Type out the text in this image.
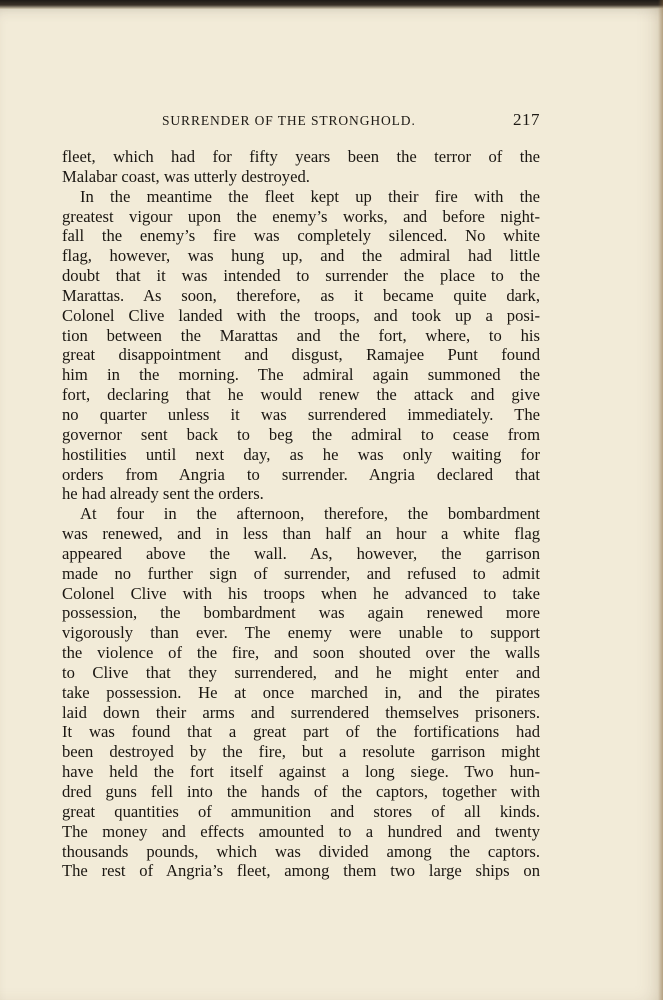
SURRENDER OF THE STRONGHOLD.	217

fleet, which had for fifty years been the terror of the
Malabar coast, was utterly destroyed.

In the meantime the fleet kept up their fire with the
greatest vigour upon the enemy’s works, and before night-
fall the enemy’s fire was completely silenced. No white
flag, however, was hung up, and the admiral had little
doubt that it was intended to surrender the place to the
Marattas. As soon, therefore, as it became quite dark,
Colonel Clive landed with the troops, and took up a posi-
tion between the Marattas and the fort, where, to his
great disappointment and disgust, Ramajee Punt found
him in the morning. The admiral again summoned the
fort, declaring that he would renew the attack and give
no quarter unless it was surrendered immediately. The
governor sent back to beg the admiral to cease from
hostilities until next day, as he was only waiting for
orders from Angria to surrender. Angria declared that
he had already sent the orders.

At four in the afternoon, therefore, the bombardment
was renewed, and in less than half an hour a white flag
appeared above the wall. As, however, the garrison
made no further sign of surrender, and refused to admit
Colonel Clive with his troops when he advanced to take
possession, the bombardment was again renewed more
vigorously than ever. The enemy were unable to support
the violence of the fire, and soon shouted over the walls
to Clive that they surrendered, and he might enter and
take possession. He at once marched in, and the pirates
laid down their arms and surrendered themselves prisoners.
It was found that a great part of the fortifications had
been destroyed by the fire, but a resolute garrison might
have held the fort itself against a long siege. Two hun-
dred guns fell into the hands of the captors, together with
great quantities of ammunition and stores of all kinds.
The money and effects amounted to a hundred and twenty
thousands pounds, which was divided among the captors.
The rest of Angria’s fleet, among them two large ships on
